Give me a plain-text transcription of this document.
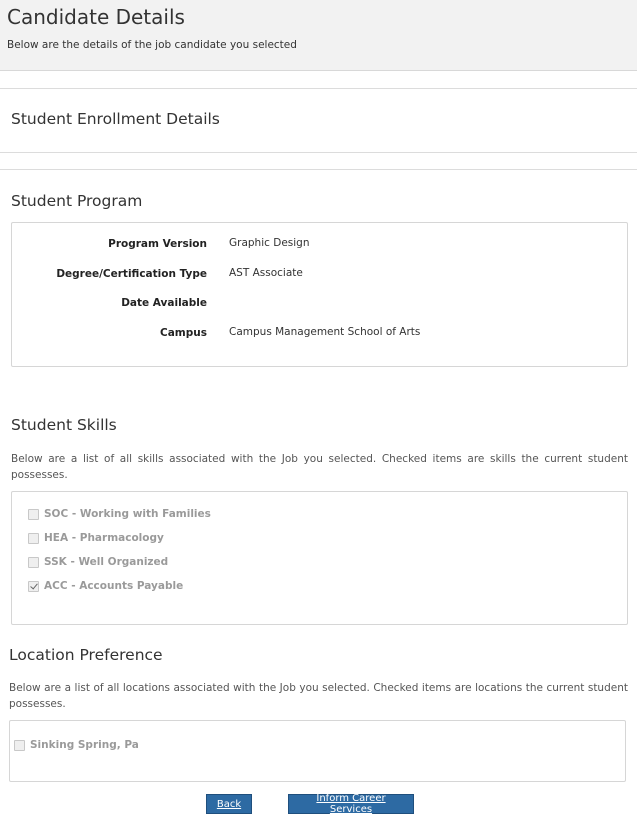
Candidate Details
Below are the details of the job candidate you selected
Student Enrollment Details
Student Program
Program Version Graphic Design
Degree/Certification Type AST Associate
Date Available
Campus Campus Management School of Arts
Student Skills
Below are a list of all skills associated with the Job you selected. Checked items are skills the current student possesses.
SOC - Working with Families
HEA - Pharmacology
SSK - Well Organized
ACC - Accounts Payable
Location Preference
Below are a list of all locations associated with the Job you selected. Checked items are locations the current student possesses.
Sinking Spring, Pa
Back	Inform Career Services
